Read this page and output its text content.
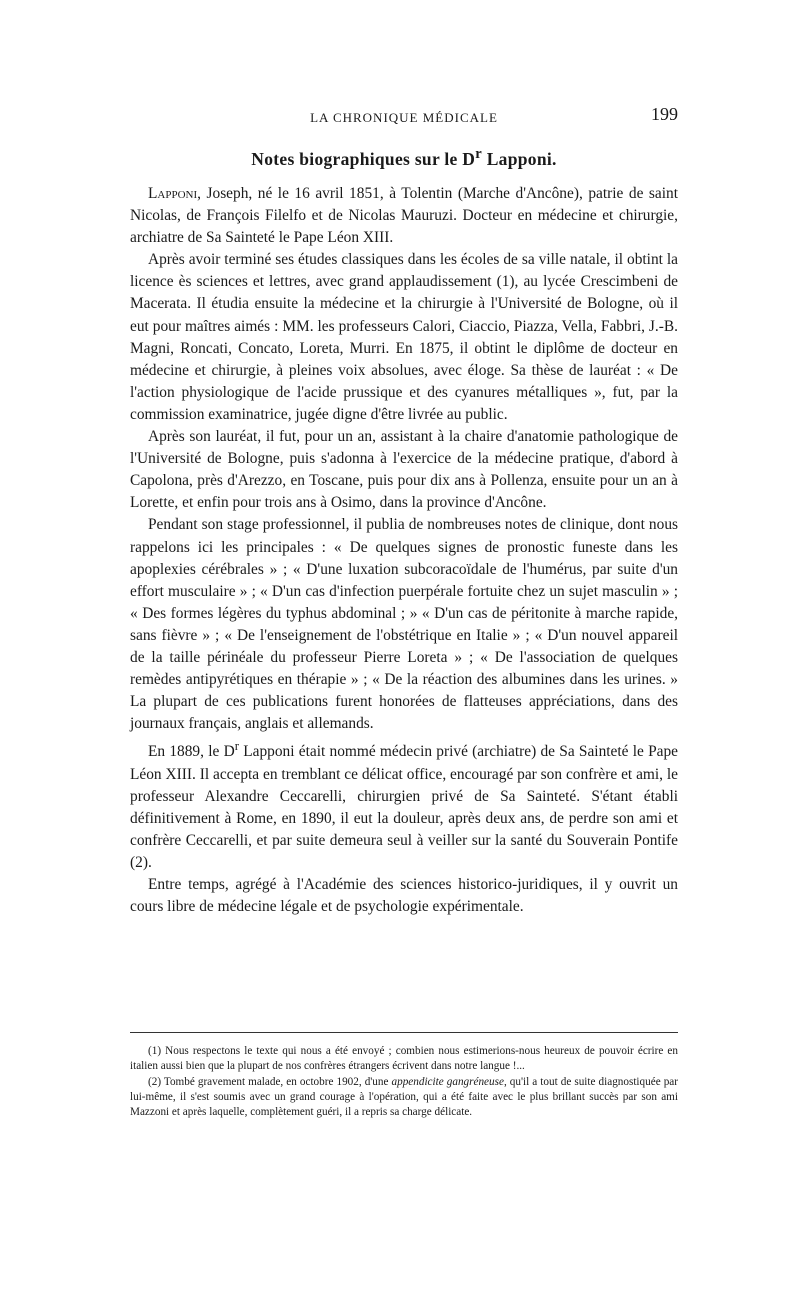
LA CHRONIQUE MÉDICALE	199
Notes biographiques sur le $D^r$ Lapponi.

Lapponi, Joseph, né le 16 avril 1851, à Tolentin (Marche d'Ancône), patrie de saint Nicolas, de François Filelfo et de Nicolas Mauruzi. Docteur en médecine et chirurgie, archiatre de Sa Sainteté le Pape Léon XIII.

Après avoir terminé ses études classiques dans les écoles de sa ville natale, il obtint la licence ès sciences et lettres, avec grand applaudissement (1), au lycée Crescimbeni de Macerata. Il étudia ensuite la médecine et la chirurgie à l'Université de Bologne, où il eut pour maîtres aimés : MM. les professeurs Calori, Ciaccio, Piazza, Vella, Fabbri, J.-B. Magni, Roncati, Concato, Loreta, Murri. En 1875, il obtint le diplôme de docteur en médecine et chirurgie, à pleines voix absolues, avec éloge. Sa thèse de lauréat : « De l'action physiologique de l'acide prussique et des cyanures métalliques », fut, par la commission examinatrice, jugée digne d'être livrée au public.

Après son lauréat, il fut, pour un an, assistant à la chaire d'anatomie pathologique de l'Université de Bologne, puis s'adonna à l'exercice de la médecine pratique, d'abord à Capolona, près d'Arezzo, en Toscane, puis pour dix ans à Pollenza, ensuite pour un an à Lorette, et enfin pour trois ans à Osimo, dans la province d'Ancône.

Pendant son stage professionnel, il publia de nombreuses notes de clinique, dont nous rappelons ici les principales : « De quelques signes de pronostic funeste dans les apoplexies cérébrales » ; « D'une luxation subcoracoïdale de l'humérus, par suite d'un effort musculaire » ; « D'un cas d'infection puerpérale fortuite chez un sujet masculin » ; « Des formes légères du typhus abdominal ; » « D'un cas de péritonite à marche rapide, sans fièvre » ; « De l'enseignement de l'obstétrique en Italie » ; « D'un nouvel appareil de la taille périnéale du professeur Pierre Loreta » ; « De l'association de quelques remèdes antipyrétiques en thérapie » ; « De la réaction des albumines dans les urines. » La plupart de ces publications furent honorées de flatteuses appréciations, dans des journaux français, anglais et allemands.

En 1889, le $D^r$ Lapponi était nommé médecin privé (archiatre) de Sa Sainteté le Pape Léon XIII. Il accepta en tremblant ce délicat office, encouragé par son confrère et ami, le professeur Alexandre Ceccarelli, chirurgien privé de Sa Sainteté. S'étant établi définitivement à Rome, en 1890, il eut la douleur, après deux ans, de perdre son ami et confrère Ceccarelli, et par suite demeura seul à veiller sur la santé du Souverain Pontife (2).

Entre temps, agrégé à l'Académie des sciences historico-juridiques, il y ouvrit un cours libre de médecine légale et de psychologie expérimentale.

(1) Nous respectons le texte qui nous a été envoyé ; combien nous estimerions-nous heureux de pouvoir écrire en italien aussi bien que la plupart de nos confrères étrangers écrivent dans notre langue !...

(2) Tombé gravement malade, en octobre 1902, d'une appendicite gangréneuse, qu'il a tout de suite diagnostiquée par lui-même, il s'est soumis avec un grand courage à l'opération, qui a été faite avec le plus brillant succès par son ami Mazzoni et après laquelle, complètement guéri, il a repris sa charge délicate.
